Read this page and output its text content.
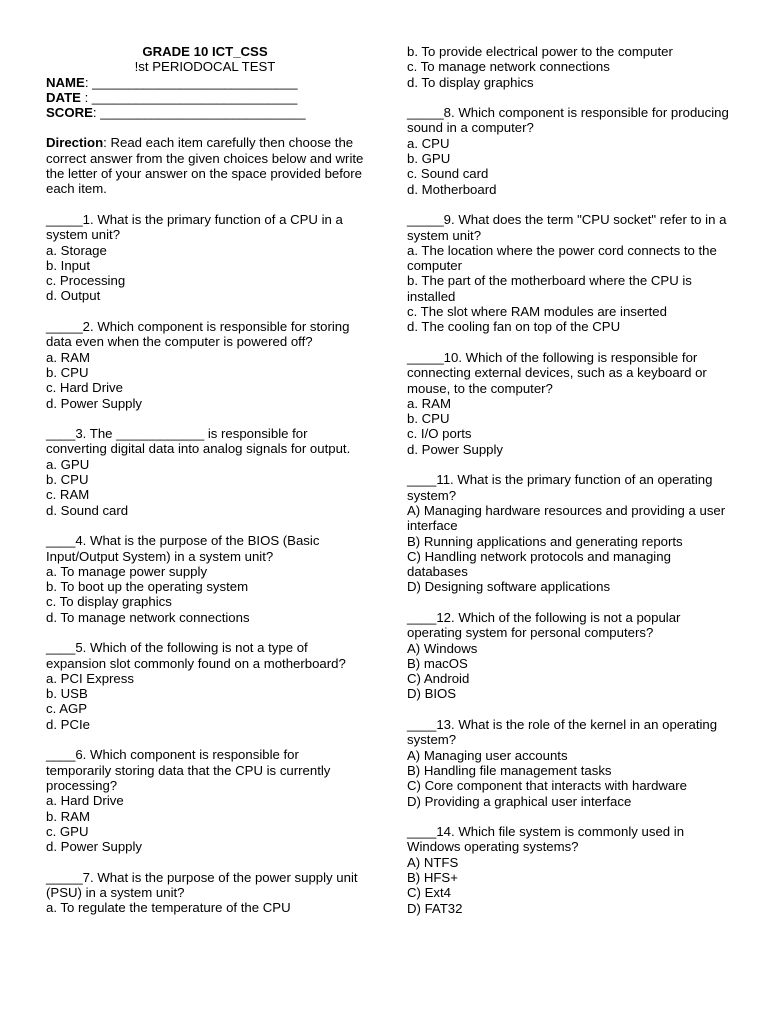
GRADE 10 ICT_CSS
!st PERIODOCAL TEST
NAME: ____________________________
DATE : ____________________________
SCORE: ____________________________
Direction: Read each item carefully then choose the correct answer from the given choices below and write the letter of your answer on the space provided before each item.
_____1. What is the primary function of a CPU in a system unit?
a. Storage
b. Input
c. Processing
d. Output
_____2. Which component is responsible for storing data even when the computer is powered off?
a. RAM
b. CPU
c. Hard Drive
d. Power Supply
____3. The ____________ is responsible for converting digital data into analog signals for output.
a. GPU
b. CPU
c. RAM
d. Sound card
____4. What is the purpose of the BIOS (Basic Input/Output System) in a system unit?
a. To manage power supply
b. To boot up the operating system
c. To display graphics
d. To manage network connections
____5. Which of the following is not a type of expansion slot commonly found on a motherboard?
a. PCI Express
b. USB
c. AGP
d. PCIe
____6. Which component is responsible for temporarily storing data that the CPU is currently processing?
a. Hard Drive
b. RAM
c. GPU
d. Power Supply
_____7. What is the purpose of the power supply unit (PSU) in a system unit?
a. To regulate the temperature of the CPU
b. To provide electrical power to the computer
c. To manage network connections
d. To display graphics
_____8. Which component is responsible for producing sound in a computer?
a. CPU
b. GPU
c. Sound card
d. Motherboard
_____9. What does the term "CPU socket" refer to in a system unit?
a. The location where the power cord connects to the computer
b. The part of the motherboard where the CPU is installed
c. The slot where RAM modules are inserted
d. The cooling fan on top of the CPU
_____10. Which of the following is responsible for connecting external devices, such as a keyboard or mouse, to the computer?
a. RAM
b. CPU
c. I/O ports
d. Power Supply
____11. What is the primary function of an operating system?
A) Managing hardware resources and providing a user interface
B) Running applications and generating reports
C) Handling network protocols and managing databases
D) Designing software applications
____12. Which of the following is not a popular operating system for personal computers?
A) Windows
B) macOS
C) Android
D) BIOS
____13. What is the role of the kernel in an operating system?
A) Managing user accounts
B) Handling file management tasks
C) Core component that interacts with hardware
D) Providing a graphical user interface
____14. Which file system is commonly used in Windows operating systems?
A) NTFS
B) HFS+
C) Ext4
D) FAT32
